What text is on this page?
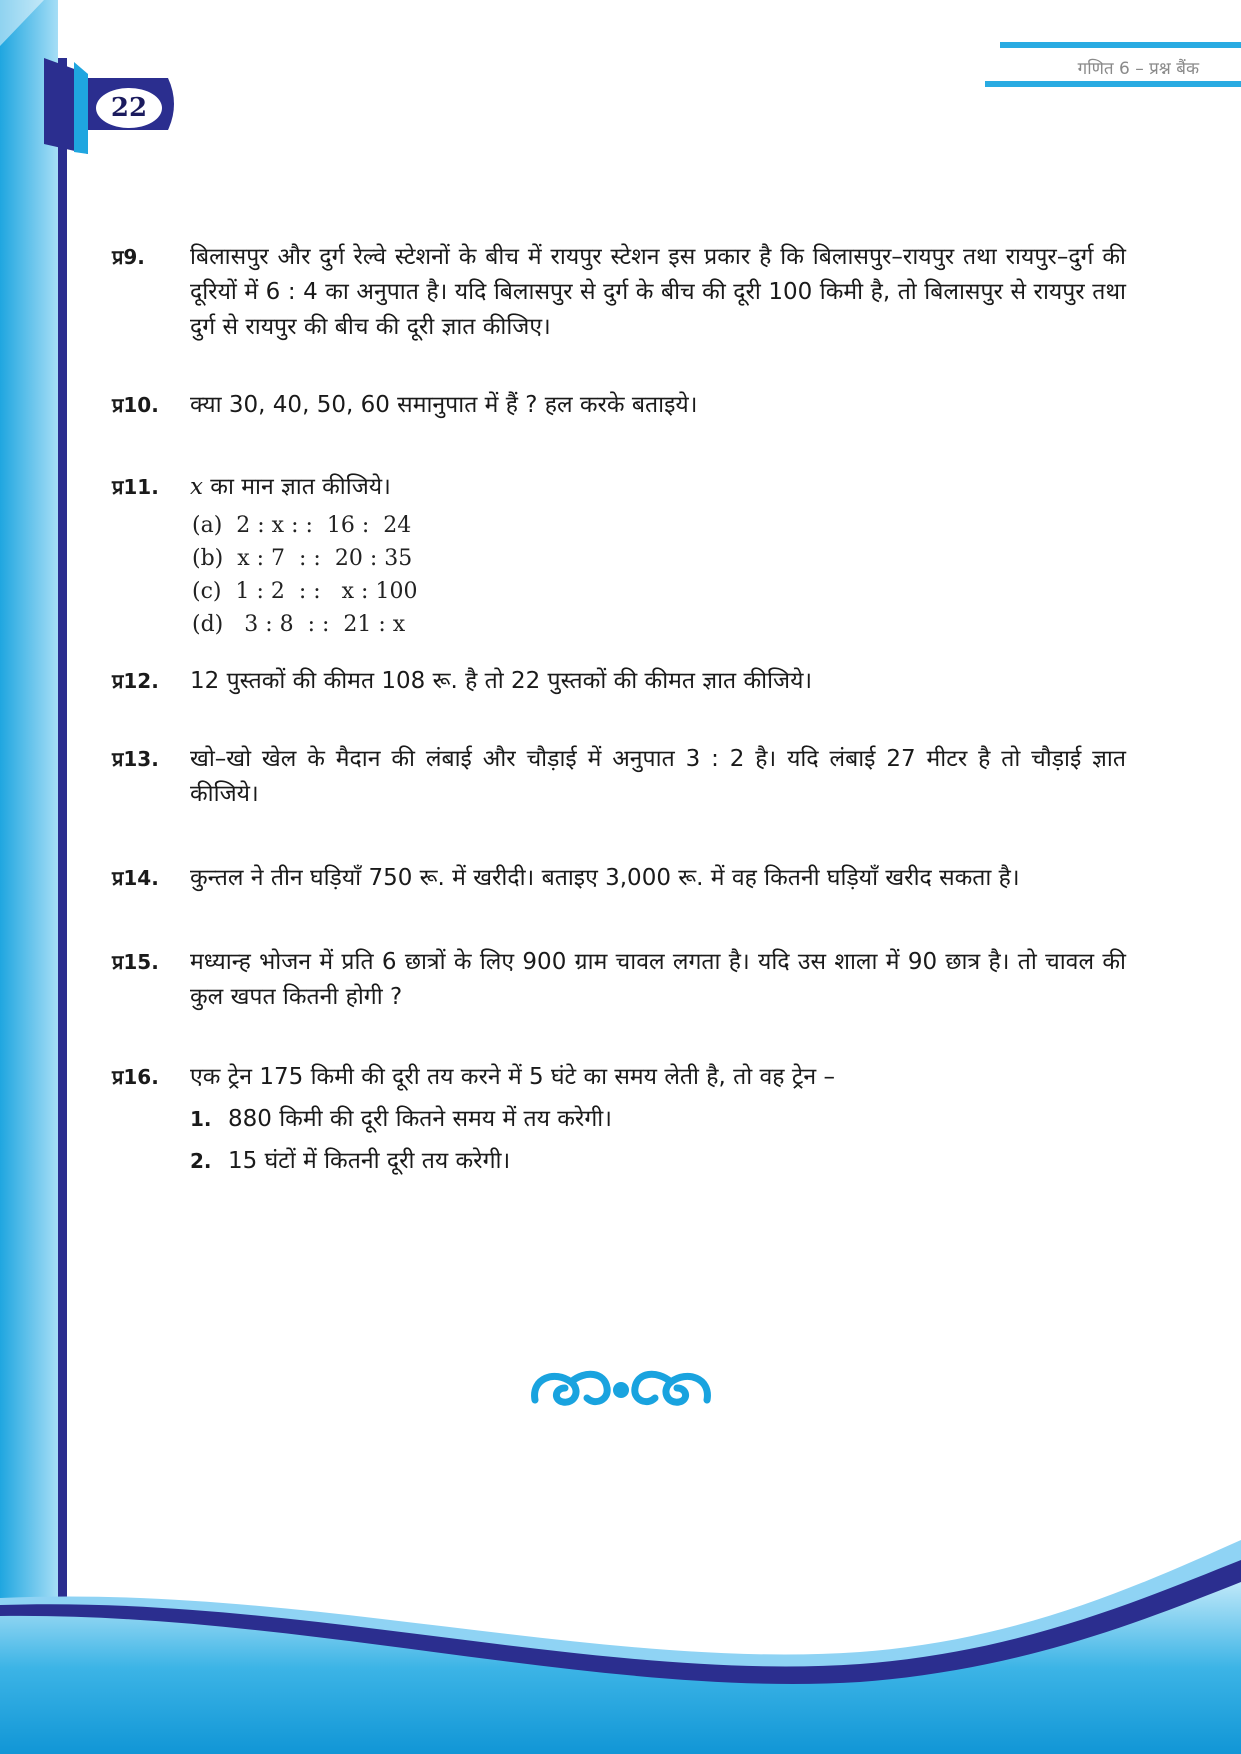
गणित 6 – प्रश्न बैंक
22
प्र9.	बिलासपुर और दुर्ग रेल्वे स्टेशनों के बीच में रायपुर स्टेशन इस प्रकार है कि बिलासपुर–रायपुर तथा रायपुर–दुर्ग की दूरियों में 6 : 4 का अनुपात है। यदि बिलासपुर से दुर्ग के बीच की दूरी 100 किमी है, तो बिलासपुर से रायपुर तथा दुर्ग से रायपुर की बीच की दूरी ज्ञात कीजिए।
प्र10.	क्या 30, 40, 50, 60 समानुपात में हैं ? हल करके बताइये।
प्र11.	x का मान ज्ञात कीजिये।
(a)  2 : x : :  16 :  24
(b)  x : 7  : :  20 : 35
(c)  1 : 2  : :   x : 100
(d)   3 : 8  : :  21 : x
प्र12.	12 पुस्तकों की कीमत 108 रू. है तो 22 पुस्तकों की कीमत ज्ञात कीजिये।
प्र13.	खो–खो खेल के मैदान की लंबाई और चौड़ाई में अनुपात 3 : 2 है। यदि लंबाई 27 मीटर है तो चौड़ाई ज्ञात कीजिये।
प्र14.	कुन्तल ने तीन घड़ियाँ 750 रू. में खरीदी। बताइए 3,000 रू. में वह कितनी घड़ियाँ खरीद सकता है।
प्र15.	मध्यान्ह भोजन में प्रति 6 छात्रों के लिए 900 ग्राम चावल लगता है। यदि उस शाला में 90 छात्र है। तो चावल की कुल खपत कितनी होगी ?
प्र16.	एक ट्रेन 175 किमी की दूरी तय करने में 5 घंटे का समय लेती है, तो वह ट्रेन –
1. 880 किमी की दूरी कितने समय में तय करेगी।
2. 15 घंटों में कितनी दूरी तय करेगी।
